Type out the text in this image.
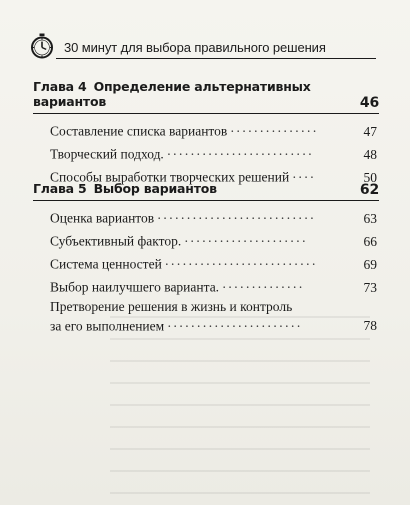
30 минут для выбора правильного решения
Глава 4 Определение альтернативных
вариантов	46
Составление списка вариантов ...............	47
Творческий подход. .........................	48
Способы выработки творческих решений ....	50
Глава 5 Выбор вариантов	62
Оценка вариантов ...........................	63
Субъективный фактор. .....................	66
Система ценностей ..........................	69
Выбор наилучшего варианта. ..............	73
Претворение решения в жизнь и контроль
за его выполнением .......................	78
